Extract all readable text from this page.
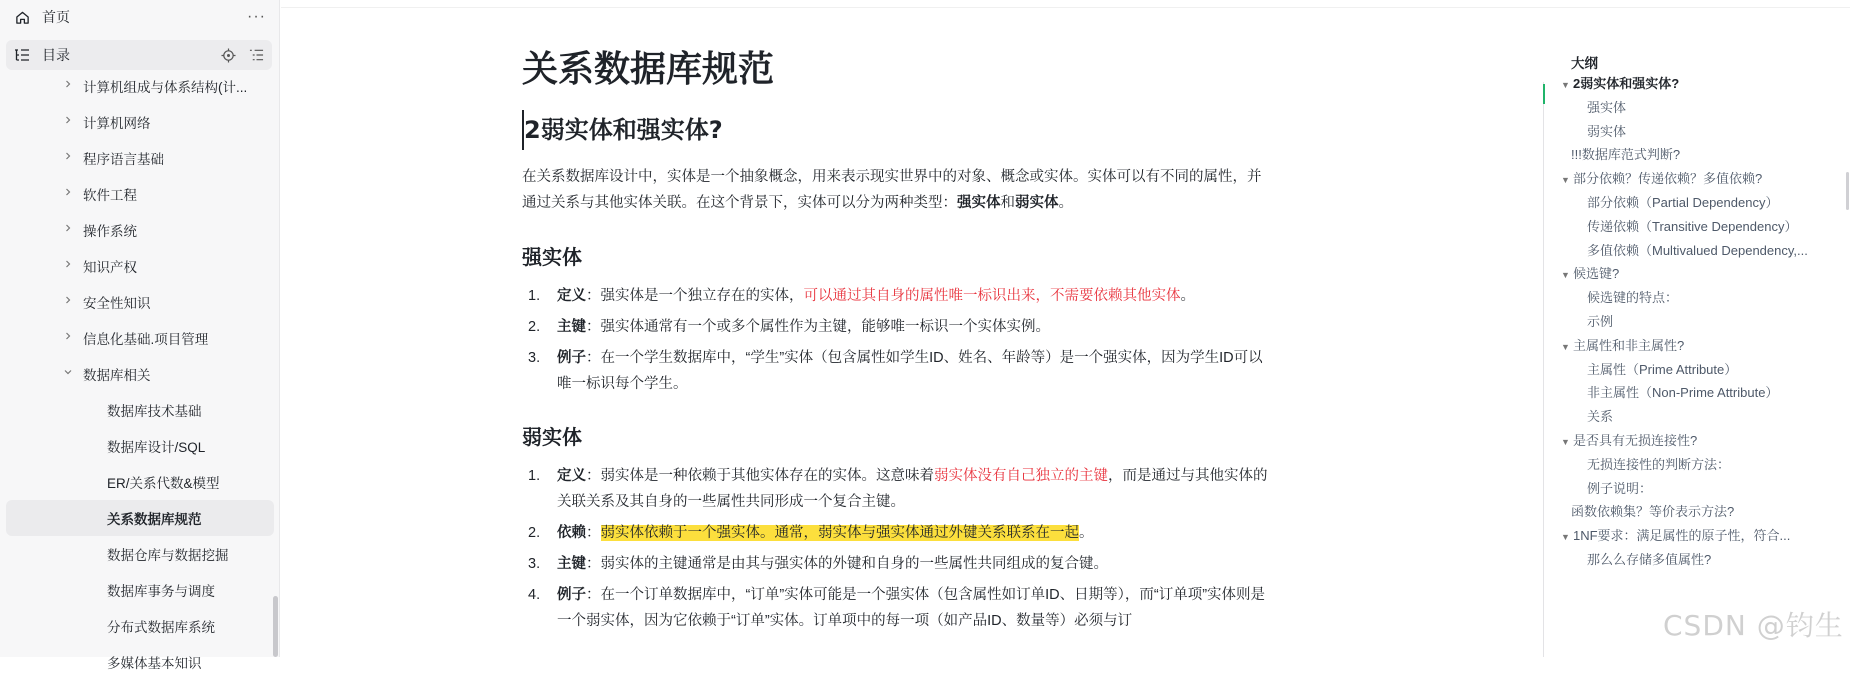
首页	···
目录
计算机组成与体系结构(计...
计算机网络
程序语言基础
软件工程
操作系统
知识产权
安全性知识
信息化基础.项目管理
数据库相关
数据库技术基础
数据库设计/SQL
ER/关系代数&模型
关系数据库规范
数据仓库与数据挖掘
数据库事务与调度
分布式数据库系统
多媒体基本知识
关系数据库规范
2弱实体和强实体?

在关系数据库设计中，实体是一个抽象概念，用来表示现实世界中的对象、概念或实体。实体可以有不同的属性，并通过关系与其他实体关联。在这个背景下，实体可以分为两种类型：强实体和弱实体。

强实体
1. 定义：强实体是一个独立存在的实体，可以通过其自身的属性唯一标识出来，不需要依赖其他实体。
2. 主键：强实体通常有一个或多个属性作为主键，能够唯一标识一个实体实例。
3. 例子：在一个学生数据库中，“学生”实体（包含属性如学生ID、姓名、年龄等）是一个强实体，因为学生ID可以唯一标识每个学生。
弱实体
1. 定义：弱实体是一种依赖于其他实体存在的实体。这意味着弱实体没有自己独立的主键，而是通过与其他实体的关联关系及其自身的一些属性共同形成一个复合主键。
2. 依赖：弱实体依赖于一个强实体。通常，弱实体与强实体通过外键关系联系在一起。
3. 主键：弱实体的主键通常是由其与强实体的外键和自身的一些属性共同组成的复合键。
4. 例子：在一个订单数据库中，“订单”实体可能是一个强实体（包含属性如订单ID、日期等），而“订单项”实体则是一个弱实体，因为它依赖于“订单”实体。订单项中的每一项（如产品ID、数量等）必须与订
大纲
▼ 2弱实体和强实体?
强实体
弱实体
!!!数据库范式判断?
▼ 部分依赖？传递依赖？多值依赖?
部分依赖（Partial Dependency）
传递依赖（Transitive Dependency）
多值依赖（Multivalued Dependency,...
▼ 候选键?
候选键的特点：
示例
▼ 主属性和非主属性?
主属性（Prime Attribute）
非主属性（Non-Prime Attribute）
关系
▼ 是否具有无损连接性?
无损连接性的判断方法：
例子说明：
函数依赖集？等价表示方法?
▼ 1NF要求：满足属性的原子性，符合...
那么么存储多值属性?
CSDN @钧生
